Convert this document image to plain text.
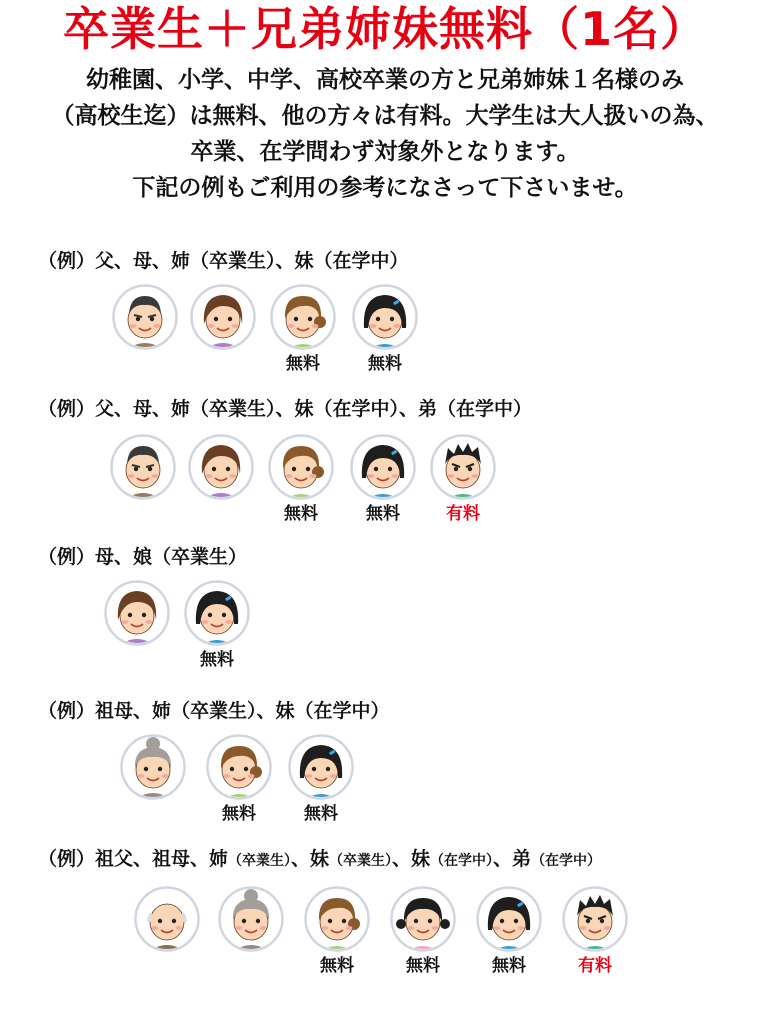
卒業生＋兄弟姉妹無料（1名）
幼稚園、小学、中学、高校卒業の方と兄弟姉妹１名様のみ
（高校生迄）は無料、他の方々は有料。大学生は大人扱いの為、
卒業、在学問わず対象外となります。
下記の例もご利用の参考になさって下さいませ。
（例）父、母、姉（卒業生）、妹（在学中）
無料	無料
（例）父、母、姉（卒業生）、妹（在学中）、弟（在学中）
無料	無料	有料
（例）母、娘（卒業生）
無料
（例）祖母、姉（卒業生）、妹（在学中）
無料	無料
（例）祖父、祖母、姉（卒業生）、妹（卒業生）、妹（在学中）、弟（在学中）
無料	無料	無料	有料
